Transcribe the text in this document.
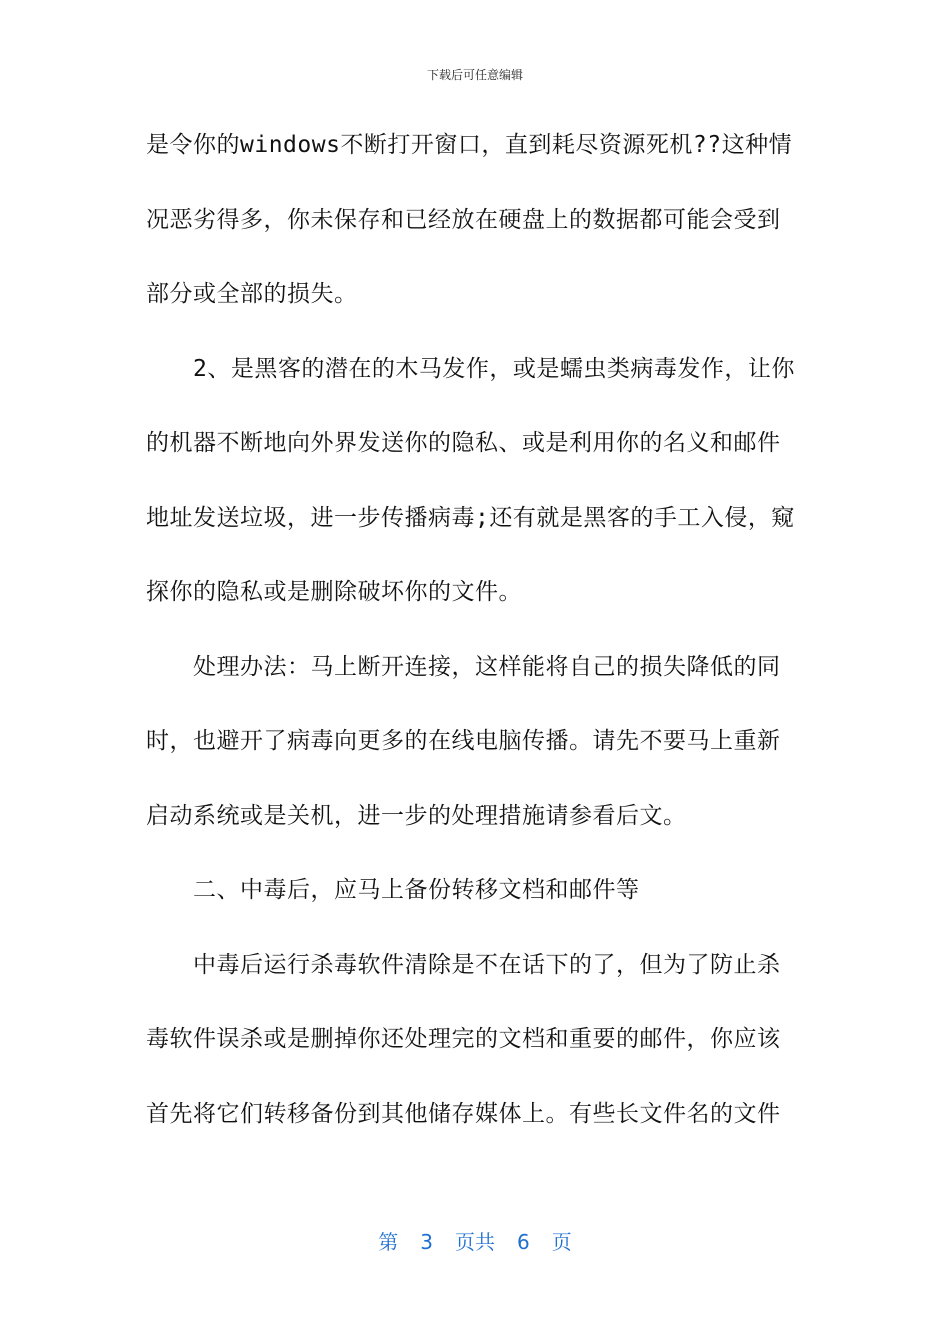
下载后可任意编辑

是令你的windows不断打开窗口，直到耗尽资源死机??这种情
况恶劣得多，你未保存和已经放在硬盘上的数据都可能会受到
部分或全部的损失。

2、是黑客的潜在的木马发作，或是蠕虫类病毒发作，让你
的机器不断地向外界发送你的隐私、或是利用你的名义和邮件
地址发送垃圾，进一步传播病毒;还有就是黑客的手工入侵，窥
探你的隐私或是删除破坏你的文件。

处理办法：马上断开连接，这样能将自己的损失降低的同
时，也避开了病毒向更多的在线电脑传播。请先不要马上重新
启动系统或是关机，进一步的处理措施请参看后文。

二、中毒后，应马上备份转移文档和邮件等

中毒后运行杀毒软件清除是不在话下的了，但为了防止杀
毒软件误杀或是删掉你还处理完的文档和重要的邮件，你应该
首先将它们转移备份到其他储存媒体上。有些长文件名的文件

第 3 页共 6 页
